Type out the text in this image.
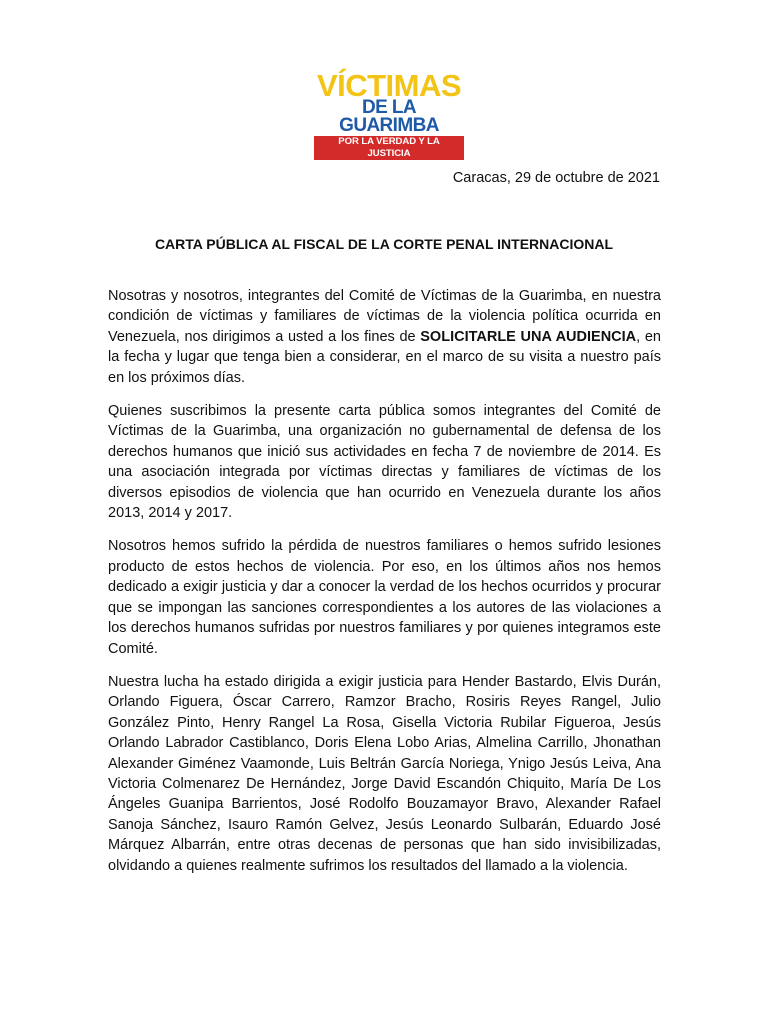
VÍCTIMAS
DE LA GUARIMBA
POR LA VERDAD Y LA JUSTICIA
Caracas, 29 de octubre de 2021
CARTA PÚBLICA AL FISCAL DE LA CORTE PENAL INTERNACIONAL

Nosotras y nosotros, integrantes del Comité de Víctimas de la Guarimba, en nuestra condición de víctimas y familiares de víctimas de la violencia política ocurrida en Venezuela, nos dirigimos a usted a los fines de SOLICITARLE UNA AUDIENCIA, en la fecha y lugar que tenga bien a considerar, en el marco de su visita a nuestro país en los próximos días.

Quienes suscribimos la presente carta pública somos integrantes del Comité de Víctimas de la Guarimba, una organización no gubernamental de defensa de los derechos humanos que inició sus actividades en fecha 7 de noviembre de 2014. Es una asociación integrada por víctimas directas y familiares de víctimas de los diversos episodios de violencia que han ocurrido en Venezuela durante los años 2013, 2014 y 2017.

Nosotros hemos sufrido la pérdida de nuestros familiares o hemos sufrido lesiones producto de estos hechos de violencia. Por eso, en los últimos años nos hemos dedicado a exigir justicia y dar a conocer la verdad de los hechos ocurridos y procurar que se impongan las sanciones correspondientes a los autores de las violaciones a los derechos humanos sufridas por nuestros familiares y por quienes integramos este Comité.

Nuestra lucha ha estado dirigida a exigir justicia para Hender Bastardo, Elvis Durán, Orlando Figuera, Óscar Carrero, Ramzor Bracho, Rosiris Reyes Rangel, Julio González Pinto, Henry Rangel La Rosa, Gisella Victoria Rubilar Figueroa, Jesús Orlando Labrador Castiblanco, Doris Elena Lobo Arias, Almelina Carrillo, Jhonathan Alexander Giménez Vaamonde, Luis Beltrán García Noriega, Ynigo Jesús Leiva, Ana Victoria Colmenarez De Hernández, Jorge David Escandón Chiquito, María De Los Ángeles Guanipa Barrientos, José Rodolfo Bouzamayor Bravo, Alexander Rafael Sanoja Sánchez, Isauro Ramón Gelvez, Jesús Leonardo Sulbarán, Eduardo José Márquez Albarrán, entre otras decenas de personas que han sido invisibilizadas, olvidando a quienes realmente sufrimos los resultados del llamado a la violencia.
